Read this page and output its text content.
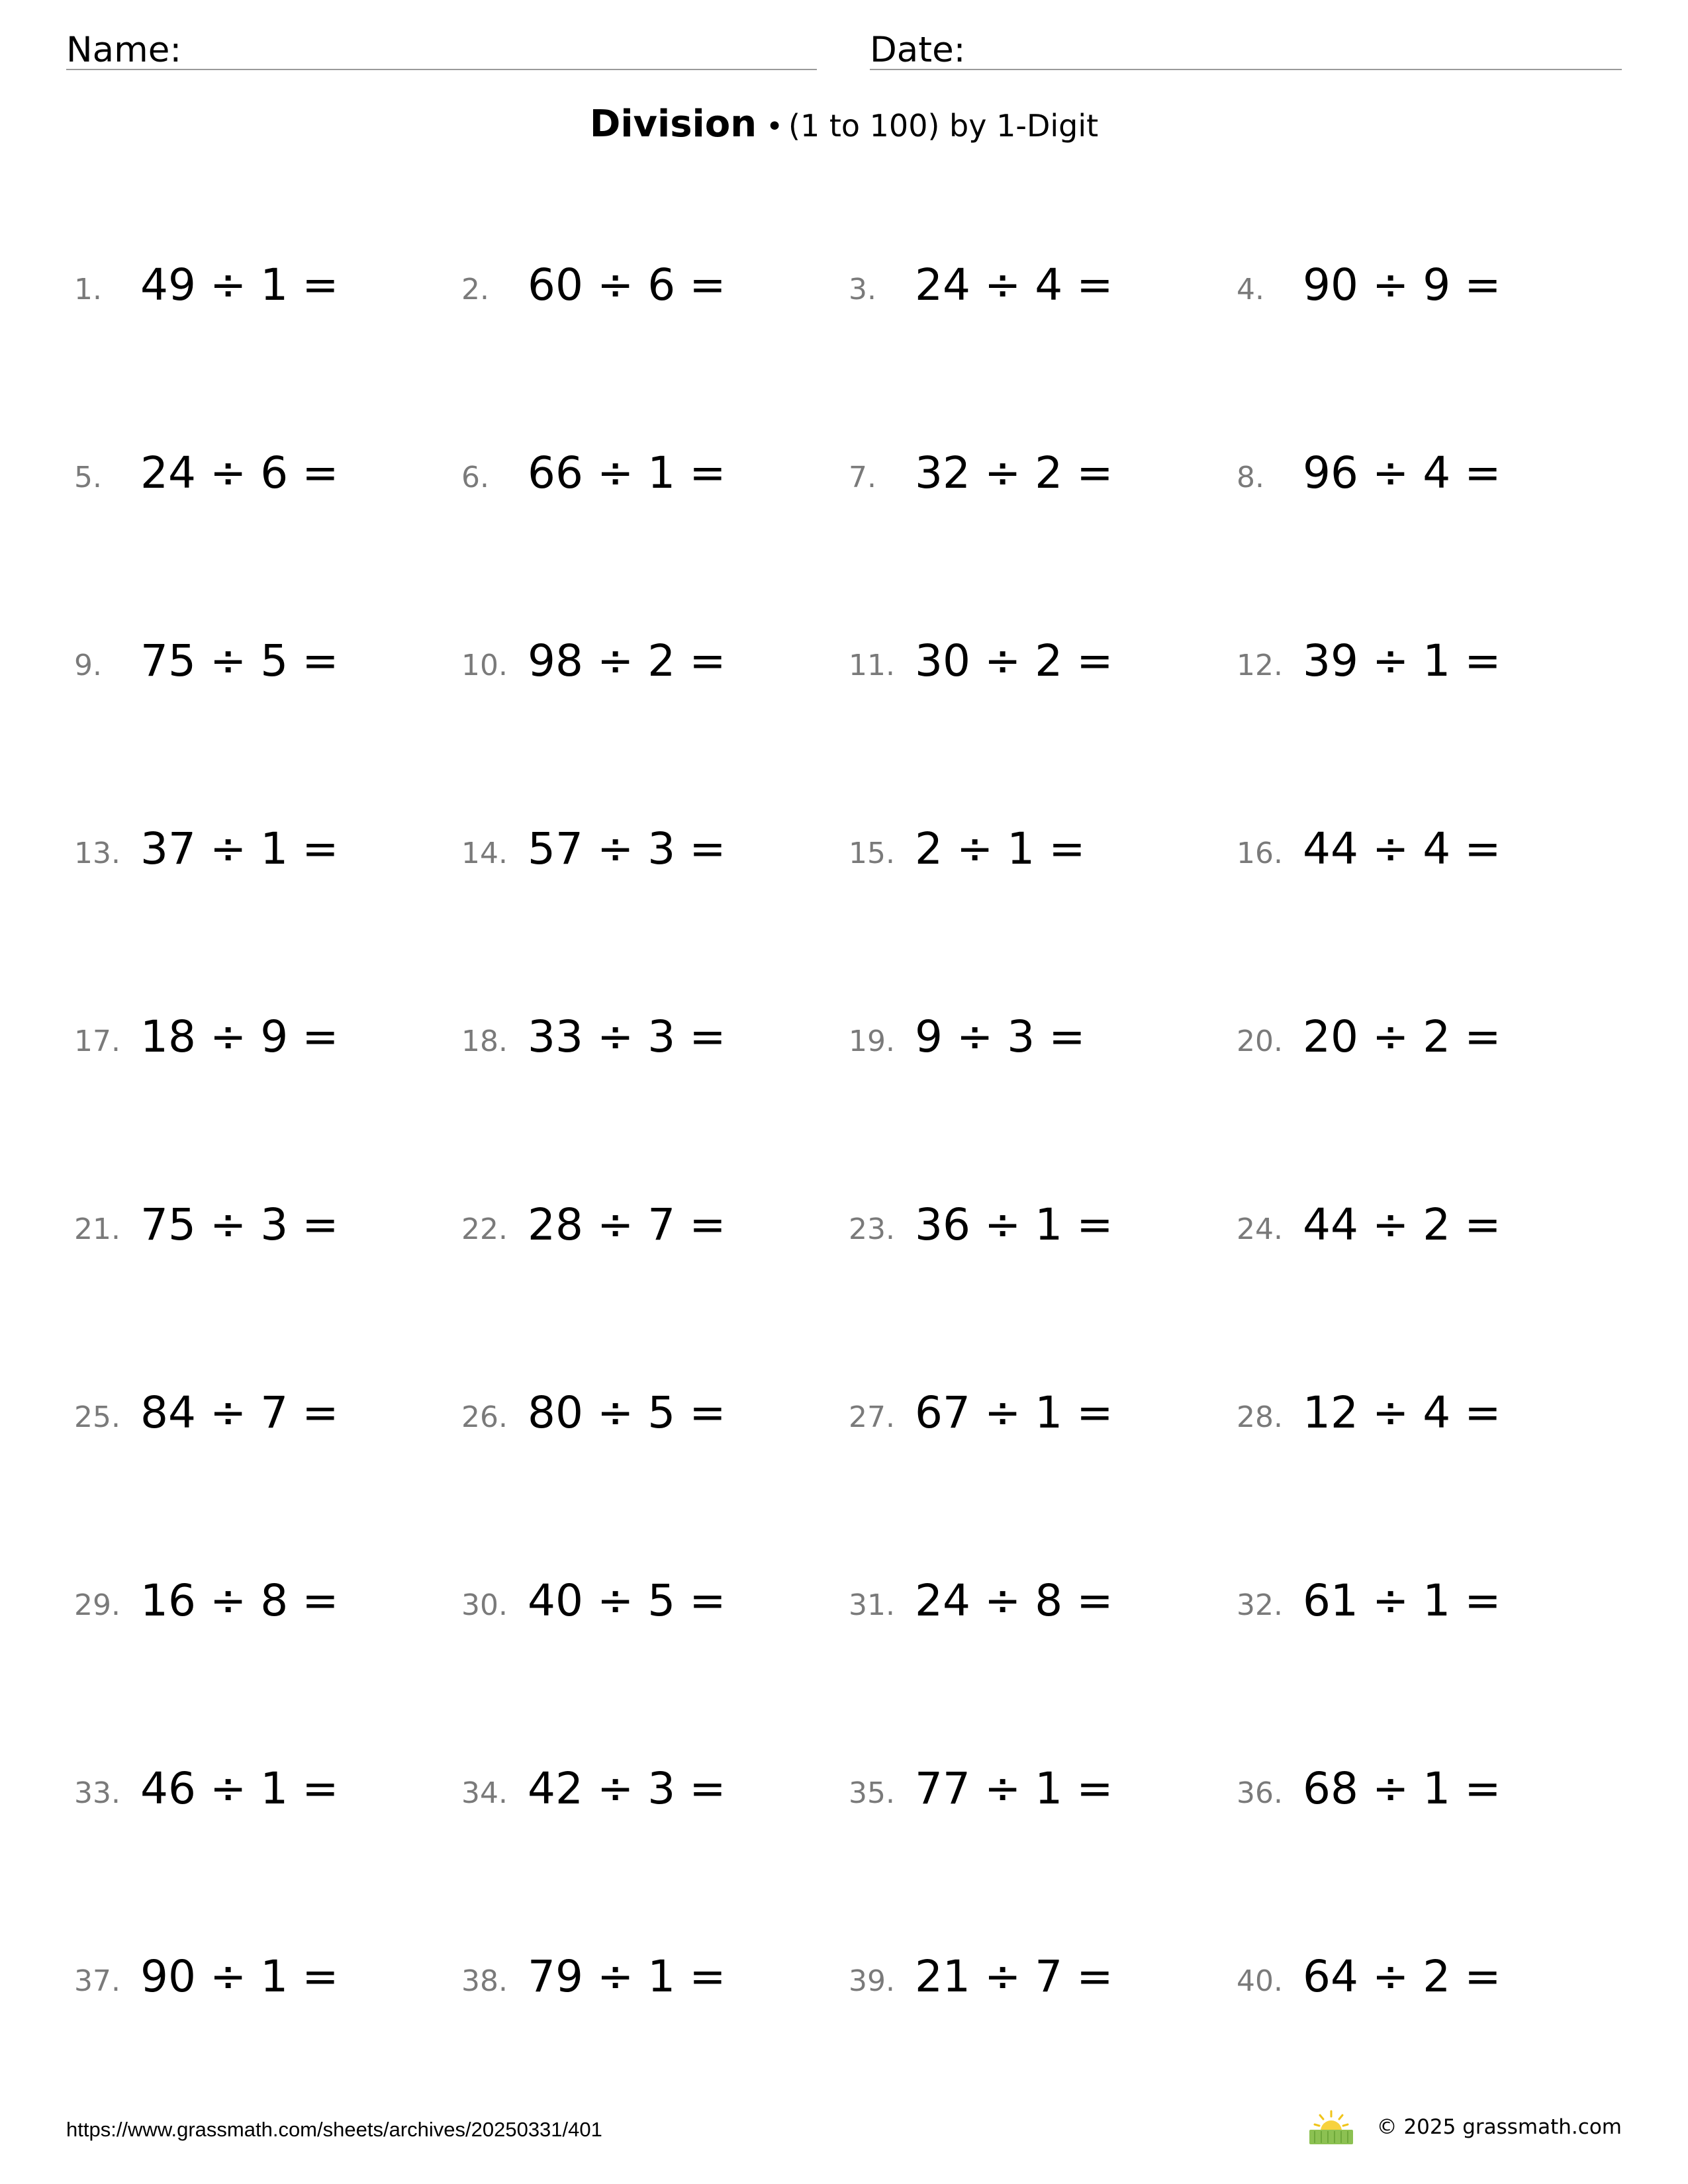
Name:	Date:
Division • (1 to 100) by 1-Digit
1. 49 ÷ 1 =	2. 60 ÷ 6 =	3. 24 ÷ 4 =	4. 90 ÷ 9 =
5. 24 ÷ 6 =	6. 66 ÷ 1 =	7. 32 ÷ 2 =	8. 96 ÷ 4 =
9. 75 ÷ 5 =	10. 98 ÷ 2 =	11. 30 ÷ 2 =	12. 39 ÷ 1 =
13. 37 ÷ 1 =	14. 57 ÷ 3 =	15. 2 ÷ 1 =	16. 44 ÷ 4 =
17. 18 ÷ 9 =	18. 33 ÷ 3 =	19. 9 ÷ 3 =	20. 20 ÷ 2 =
21. 75 ÷ 3 =	22. 28 ÷ 7 =	23. 36 ÷ 1 =	24. 44 ÷ 2 =
25. 84 ÷ 7 =	26. 80 ÷ 5 =	27. 67 ÷ 1 =	28. 12 ÷ 4 =
29. 16 ÷ 8 =	30. 40 ÷ 5 =	31. 24 ÷ 8 =	32. 61 ÷ 1 =
33. 46 ÷ 1 =	34. 42 ÷ 3 =	35. 77 ÷ 1 =	36. 68 ÷ 1 =
37. 90 ÷ 1 =	38. 79 ÷ 1 =	39. 21 ÷ 7 =	40. 64 ÷ 2 =
https://www.grassmath.com/sheets/archives/20250331/401	© 2025 grassmath.com
